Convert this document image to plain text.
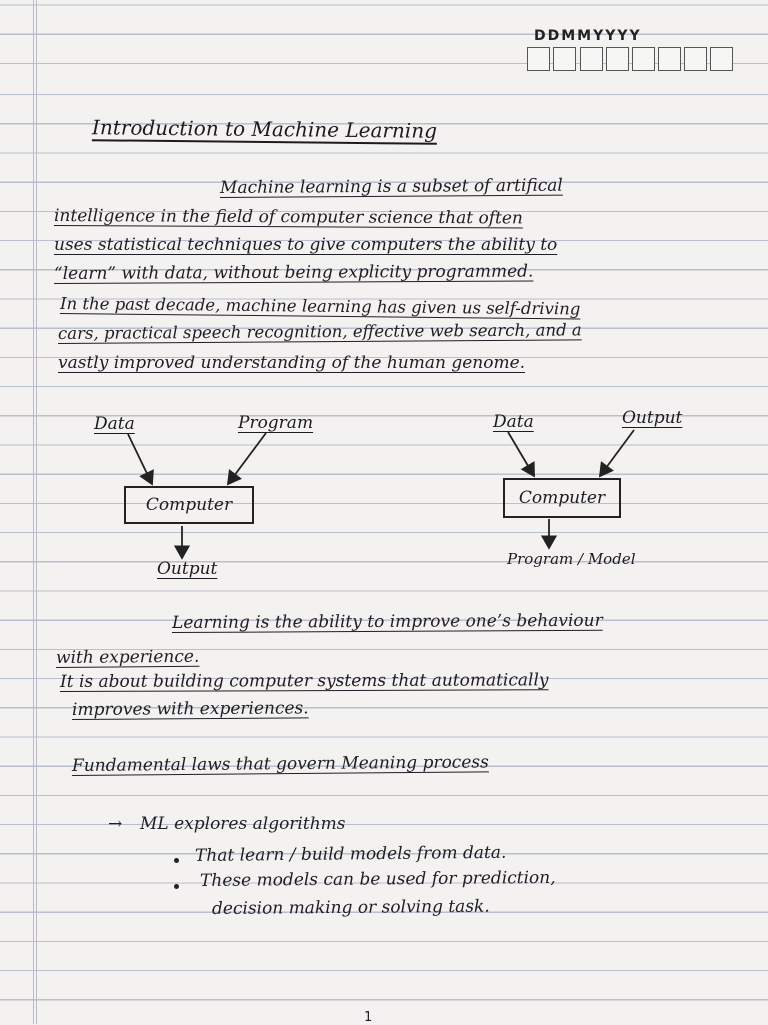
DDMMYYYY
Introduction to Machine Learning
Machine learning is a subset of artifical
intelligence in the field of computer science that often
uses statistical techniques to give computers the ability to
“learn” with data, without being explicity programmed.
In the past decade, machine learning has given us self-driving
cars, practical speech recognition, effective web search, and a
vastly improved understanding of the human genome.
Data	Program
Computer
Output
Data	Output
Computer
Program / Model
Learning is the ability to improve one’s behaviour
with experience.
It is about building computer systems that automatically
improves with experiences.
Fundamental laws that govern Meaning process
→ ML explores algorithms
That learn / build models from data.
These models can be used for prediction,
decision making or solving task.
1
